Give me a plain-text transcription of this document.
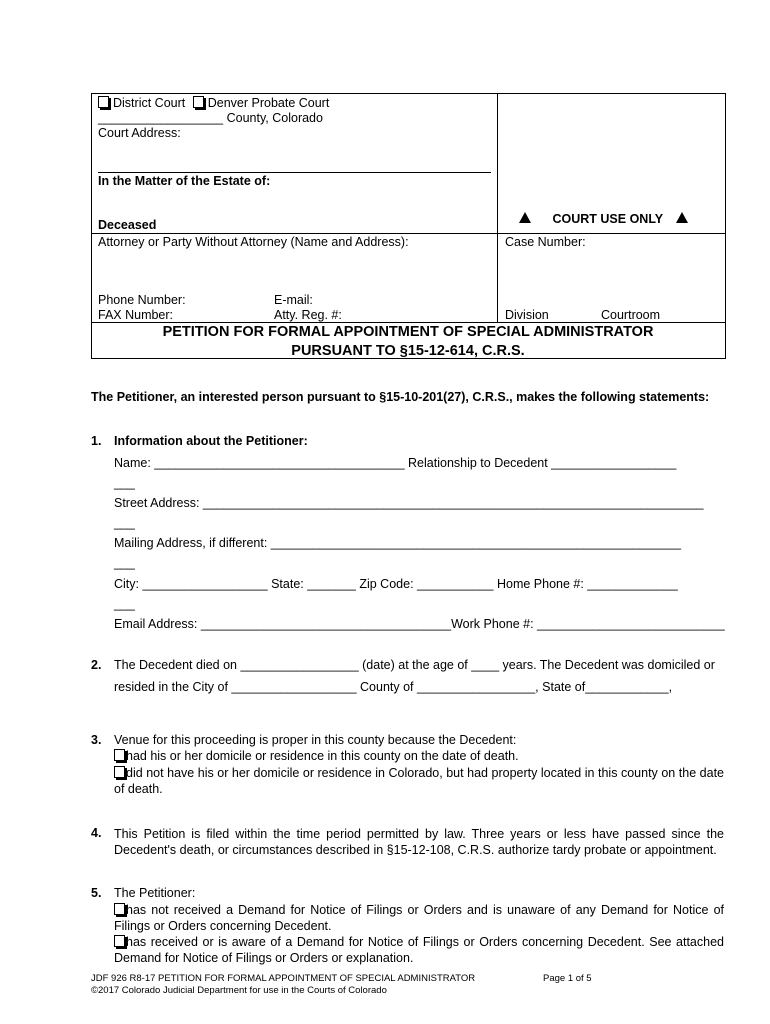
District Court Denver Probate Court
__________________ County, Colorado
Court Address:
In the Matter of the Estate of:
Deceased	COURT USE ONLY
Attorney or Party Without Attorney (Name and Address):	Case Number:
Phone Number:	E-mail:
FAX Number:	Atty. Reg. #:	Division	Courtroom
PETITION FOR FORMAL APPOINTMENT OF SPECIAL ADMINISTRATOR
PURSUANT TO §15-12-614, C.R.S.
The Petitioner, an interested person pursuant to §15-10-201(27), C.R.S., makes the following statements:
1. Information about the Petitioner:
Name: ____________________________________ Relationship to Decedent __________________
___
Street Address: ________________________________________________________________________
___
Mailing Address, if different: ___________________________________________________________
___
City: __________________ State: _______ Zip Code: ___________ Home Phone #: _____________
___
Email Address: ____________________________________Work Phone #: ___________________________
2. The Decedent died on _________________ (date) at the age of ____ years. The Decedent was domiciled or
resided in the City of __________________ County of _________________, State of____________,
3. Venue for this proceeding is proper in this county because the Decedent:
had his or her domicile or residence in this county on the date of death.
did not have his or her domicile or residence in Colorado, but had property located in this county on the date of death.
4. This Petition is filed within the time period permitted by law. Three years or less have passed since the Decedent's death, or circumstances described in §15-12-108, C.R.S. authorize tardy probate or appointment.
5. The Petitioner:
has not received a Demand for Notice of Filings or Orders and is unaware of any Demand for Notice of Filings or Orders concerning Decedent.
has received or is aware of a Demand for Notice of Filings or Orders concerning Decedent. See attached Demand for Notice of Filings or Orders or explanation.
JDF 926 R8-17 PETITION FOR FORMAL APPOINTMENT OF SPECIAL ADMINISTRATOR	Page 1 of 5
©2017 Colorado Judicial Department for use in the Courts of Colorado
